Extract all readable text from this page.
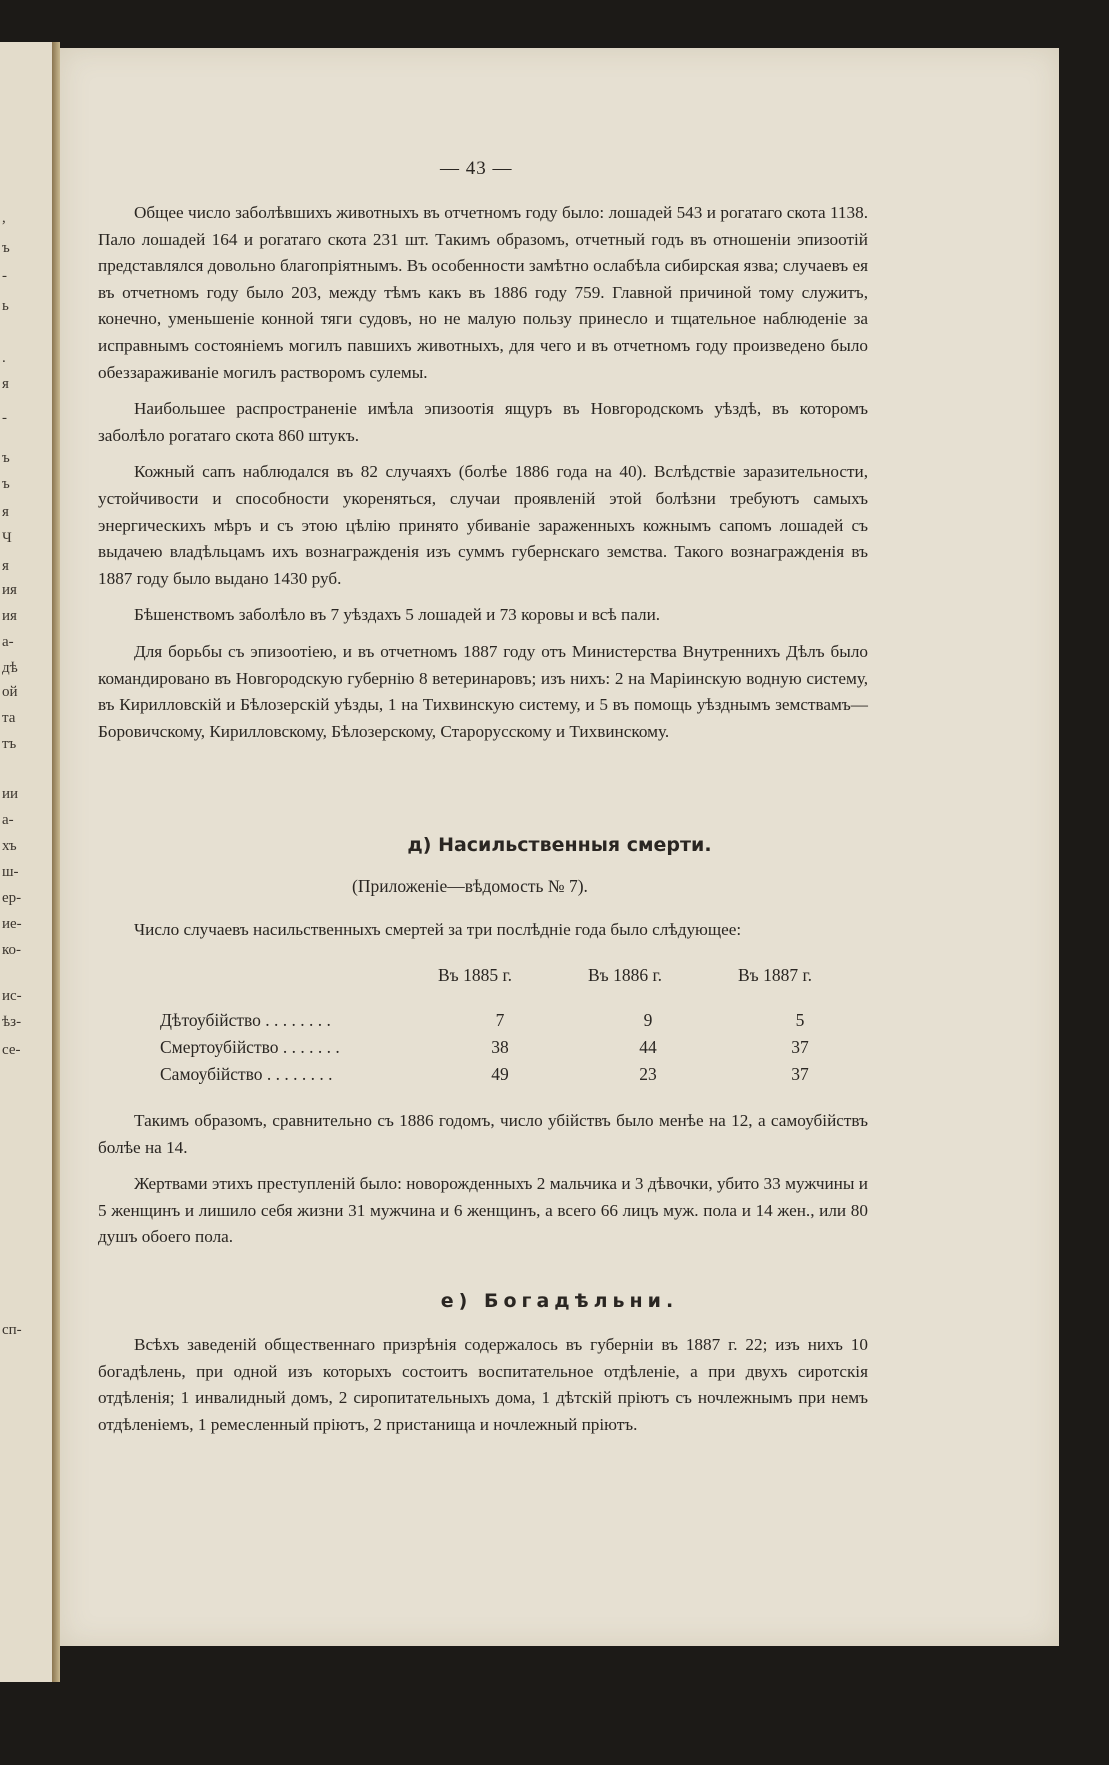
,
ъ
-
ь
.
я
-
ъ
ъ
я
Ч
я
ия
ия
а-
дѣ
ой
та
тъ
ии
а-
хъ
ш-
ер-
ие-
ко-
ис-
ѣз-
се-
сп-
— 43 —

Общее число заболѣвшихъ животныхъ въ отчетномъ году было: лошадей 543 и рогатаго скота 1138. Пало лошадей 164 и рогатаго скота 231 шт. Такимъ образомъ, отчетный годъ въ отношеніи эпизоотій представлялся довольно благопріятнымъ. Въ особенности замѣтно ослабѣла сибирская язва; случаевъ ея въ отчетномъ году было 203, между тѣмъ какъ въ 1886 году 759. Главной причиной тому служитъ, конечно, уменьшеніе конной тяги судовъ, но не малую пользу принесло и тщательное наблюденіе за исправнымъ состояніемъ могилъ павшихъ животныхъ, для чего и въ отчетномъ году произведено было обеззараживаніе могилъ растворомъ сулемы.

Наибольшее распространеніе имѣла эпизоотія ящуръ въ Новгородскомъ уѣздѣ, въ которомъ заболѣло рогатаго скота 860 штукъ.

Кожный сапъ наблюдался въ 82 случаяхъ (болѣе 1886 года на 40). Вслѣдствіе заразительности, устойчивости и способности укорeняться, случаи проявленій этой болѣзни требуютъ самыхъ энергическихъ мѣръ и съ этою цѣлію принято убиваніе зараженныхъ кожнымъ сапомъ лошадей съ выдачею владѣльцамъ ихъ вознагражденія изъ суммъ губернскаго земства. Такого вознагражденія въ 1887 году было выдано 1430 руб.

Бѣшенствомъ заболѣло въ 7 уѣздахъ 5 лошадей и 73 коровы и всѣ пали.

Для борьбы съ эпизоотіею, и въ отчетномъ 1887 году отъ Министерства Внутреннихъ Дѣлъ было командировано въ Новгородскую губернію 8 ветеринаровъ; изъ нихъ: 2 на Маріинскую водную систему, въ Кирилловскій и Бѣлозерскій уѣзды, 1 на Тихвинскую систему, и 5 въ помощь уѣзднымъ земствамъ—Боровичскому, Кирилловскому, Бѣлозерскому, Старорусскому и Тихвинскому.

д) Насильственныя смерти.
(Приложеніе—вѣдомость № 7).
Число случаевъ насильственныхъ смертей за три послѣдніе года было слѣдующее:
Въ 1885 г.	Въ 1886 г.	Въ 1887 г.
Дѣтоубійство . . . . . . . .	7	9	5
Смертоубійство . . . . . . .	38	44	37
Самоубійство . . . . . . . .	49	23	37

Такимъ образомъ, сравнительно съ 1886 годомъ, число убійствъ было менѣе на 12, а самоубійствъ болѣе на 14.

Жертвами этихъ преступленій было: новорожденныхъ 2 мальчика и 3 дѣвочки, убито 33 мужчины и 5 женщинъ и лишило себя жизни 31 мужчина и 6 женщинъ, а всего 66 лицъ муж. пола и 14 жен., или 80 душъ обоего пола.

е) Богадѣльни.

Всѣхъ заведеній общественнаго призрѣнія содержалось въ губерніи въ 1887 г. 22; изъ нихъ 10 богадѣлень, при одной изъ которыхъ состоитъ воспитательное отдѣленіе, а при двухъ сиротскія отдѣленія; 1 инвалидный домъ, 2 сиропитательныхъ дома, 1 дѣтскій пріютъ съ ночлежнымъ при немъ отдѣленіемъ, 1 ремесленный пріютъ, 2 пристанища и ночлежный пріютъ.
